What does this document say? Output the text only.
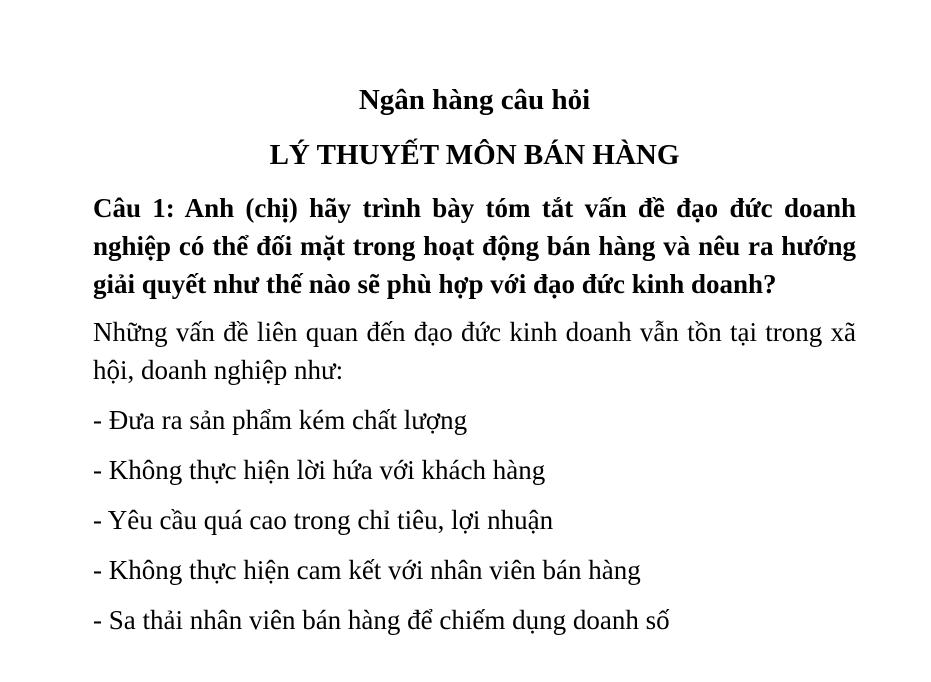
Ngân hàng câu hỏi
LÝ THUYẾT MÔN BÁN HÀNG

Câu 1: Anh (chị) hãy trình bày tóm tắt vấn đề đạo đức doanh nghiệp có thể đối mặt trong hoạt động bán hàng và nêu ra hướng giải quyết như thế nào sẽ phù hợp với đạo đức kinh doanh?

Những vấn đề liên quan đến đạo đức kinh doanh vẫn tồn tại trong xã hội, doanh nghiệp như:

- Đưa ra sản phẩm kém chất lượng

- Không thực hiện lời hứa với khách hàng

- Yêu cầu quá cao trong chỉ tiêu, lợi nhuận

- Không thực hiện cam kết với nhân viên bán hàng

- Sa thải nhân viên bán hàng để chiếm dụng doanh số
